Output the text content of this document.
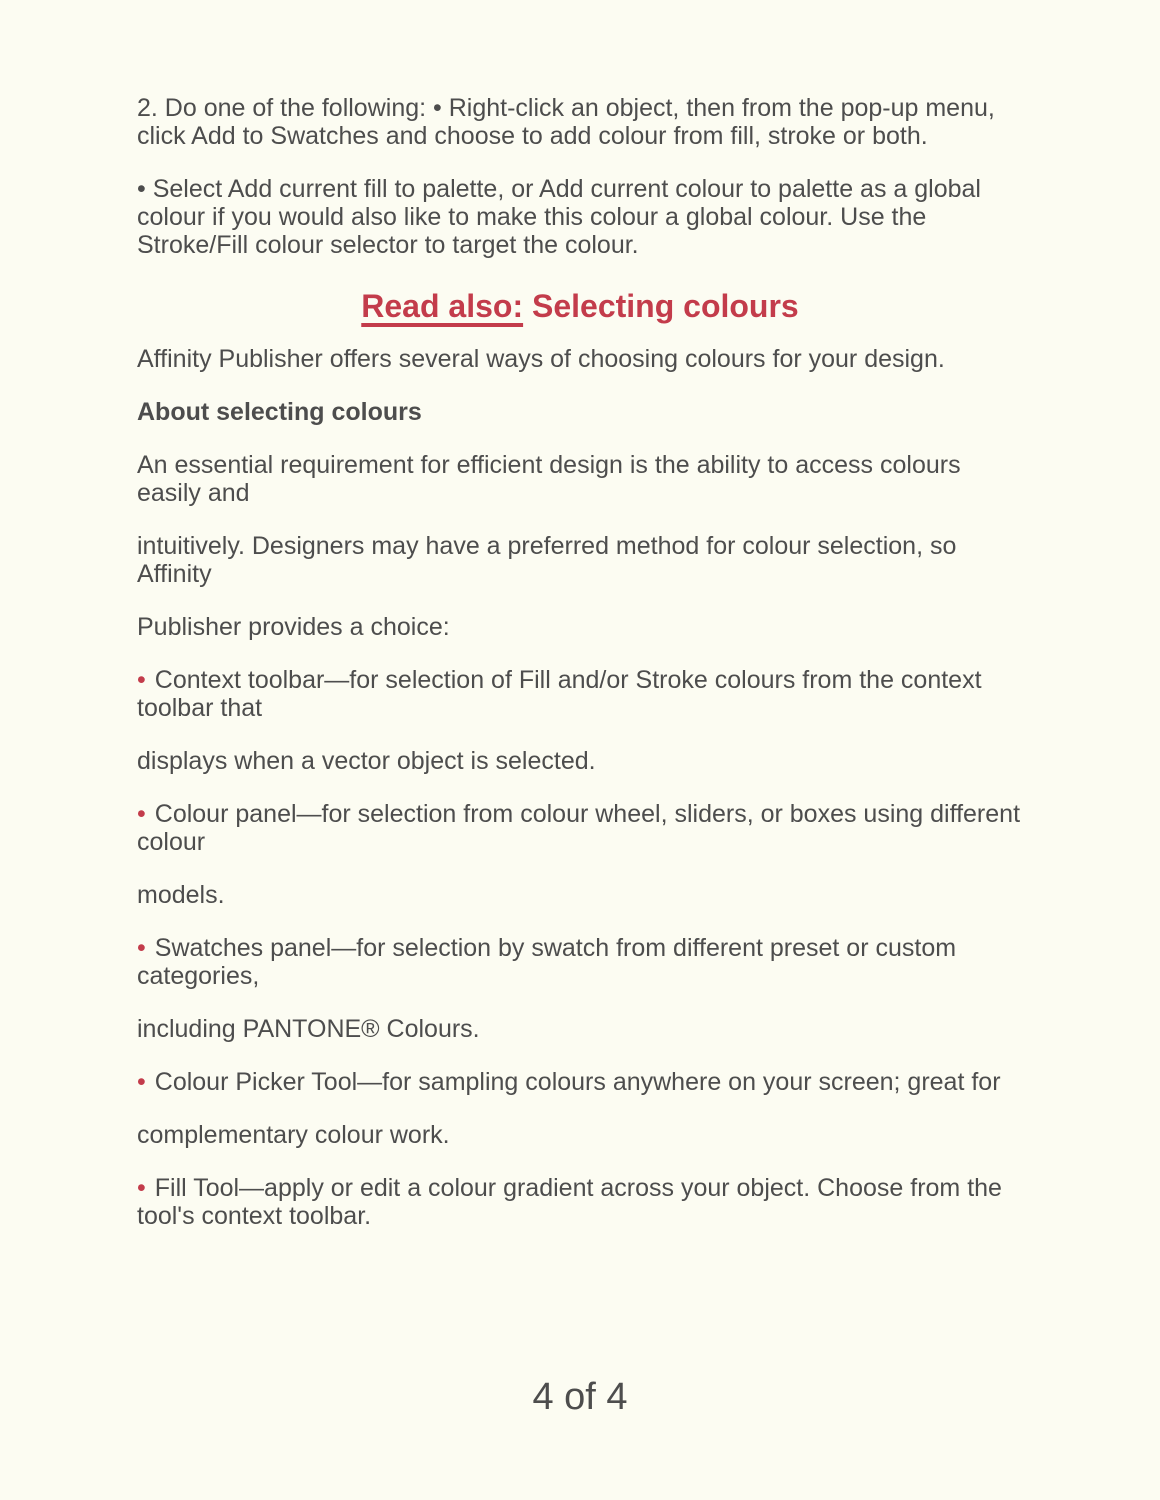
2. Do one of the following: • Right-click an object, then from the pop-up menu, click Add to Swatches and choose to add colour from fill, stroke or both.

• Select Add current fill to palette, or Add current colour to palette as a global colour if you would also like to make this colour a global colour. Use the Stroke/Fill colour selector to target the colour.

Read also: Selecting colours

Affinity Publisher offers several ways of choosing colours for your design.

About selecting colours

An essential requirement for efficient design is the ability to access colours easily and

intuitively. Designers may have a preferred method for colour selection, so Affinity

Publisher provides a choice:

• Context toolbar—for selection of Fill and/or Stroke colours from the context toolbar that

displays when a vector object is selected.

• Colour panel—for selection from colour wheel, sliders, or boxes using different colour

models.

• Swatches panel—for selection by swatch from different preset or custom categories,

including PANTONE® Colours.

• Colour Picker Tool—for sampling colours anywhere on your screen; great for

complementary colour work.

• Fill Tool—apply or edit a colour gradient across your object. Choose from the tool's context toolbar.

4 of 4
